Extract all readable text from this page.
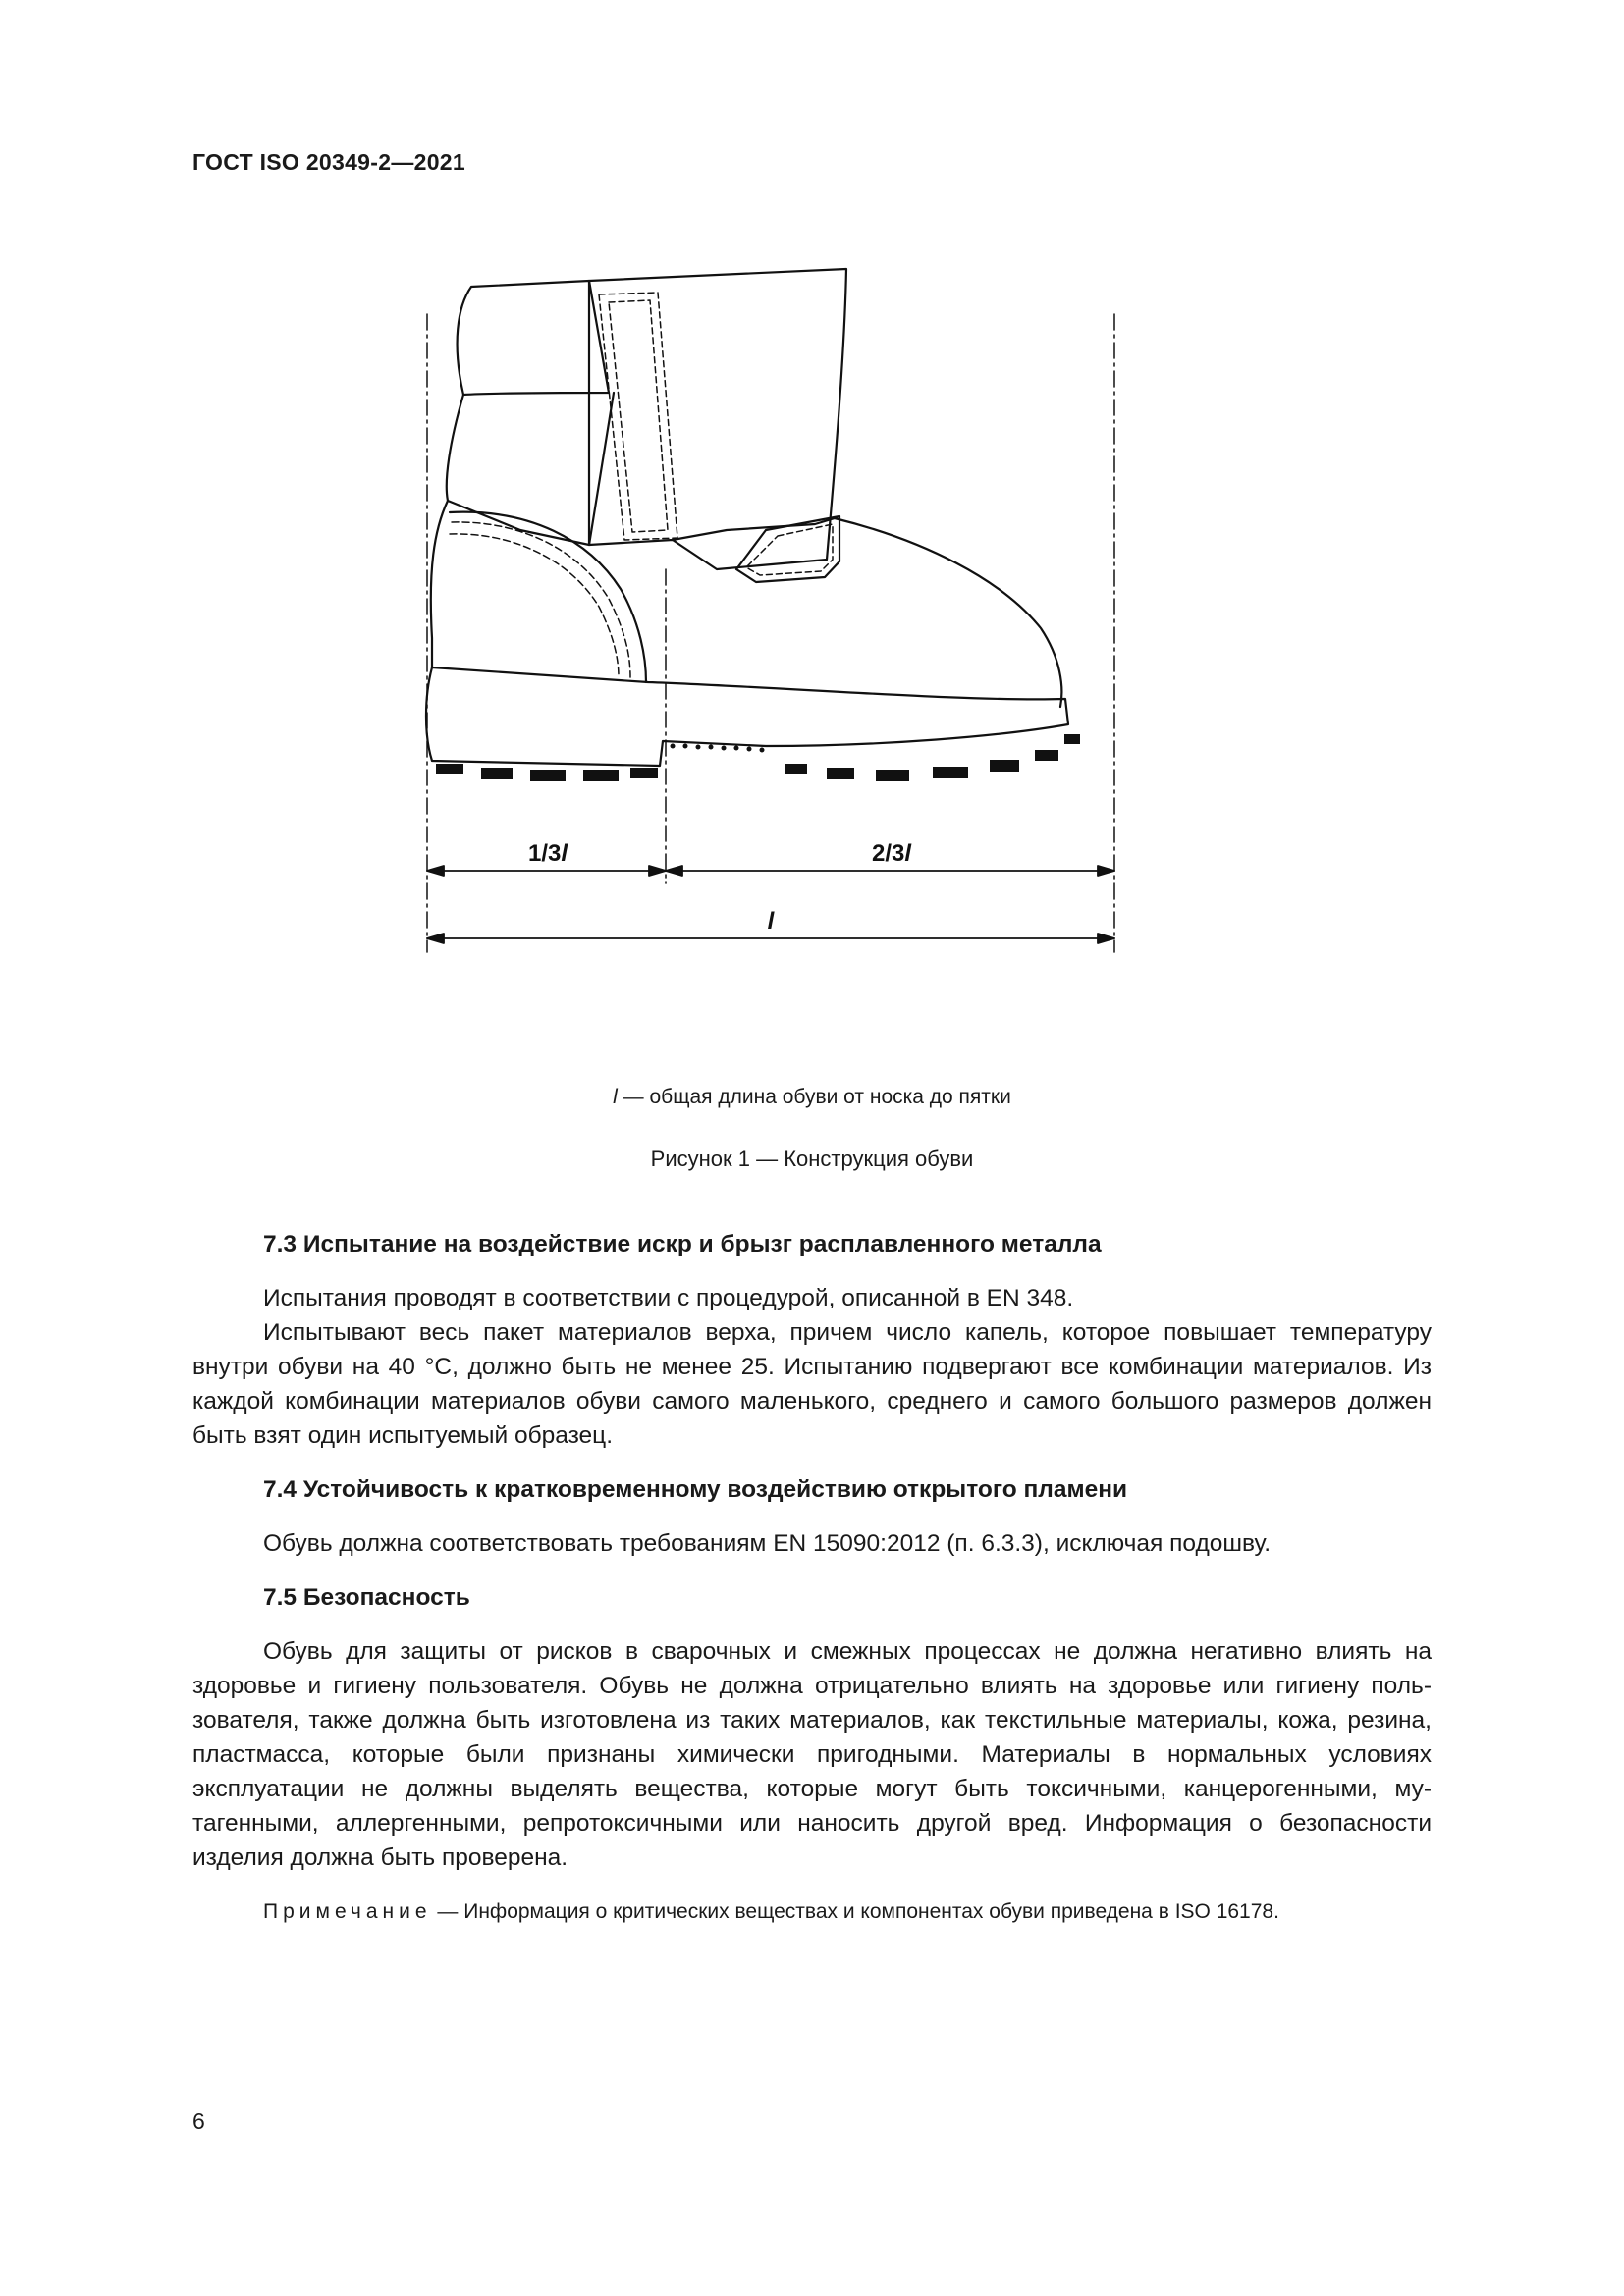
ГОСТ ISO 20349-2—2021
1/3l	2/3l
l
l — общая длина обуви от носка до пятки
Рисунок 1 — Конструкция обуви
7.3 Испытание на воздействие искр и брызг расплавленного металла

Испытания проводят в соответствии с процедурой, описанной в EN 348.

Испытывают весь пакет материалов верха, причем число капель, которое повышает температуру внутри обуви на 40 °С, должно быть не менее 25. Испытанию подвергают все комбинации материалов. Из каждой комбинации материалов обуви самого маленького, среднего и самого большого размеров должен быть взят один испытуемый образец.

7.4 Устойчивость к кратковременному воздействию открытого пламени

Обувь должна соответствовать требованиям EN 15090:2012 (п. 6.3.3), исключая подошву.

7.5 Безопасность

Обувь для защиты от рисков в сварочных и смежных процессах не должна негативно влиять на здоровье и гигиену пользователя. Обувь не должна отрицательно влиять на здоровье или гигиену пользователя, также должна быть изготовлена из таких материалов, как текстильные материалы, кожа, резина, пластмасса, которые были признаны химически пригодными. Материалы в нормальных условиях эксплуатации не должны выделять вещества, которые могут быть токсичными, канцерогенными, мутагенными, аллергенными, репротоксичными или наносить другой вред. Информация о безопасности изделия должна быть проверена.

Примечание — Информация о критических веществах и компонентах обуви приведена в ISO 16178.

6
